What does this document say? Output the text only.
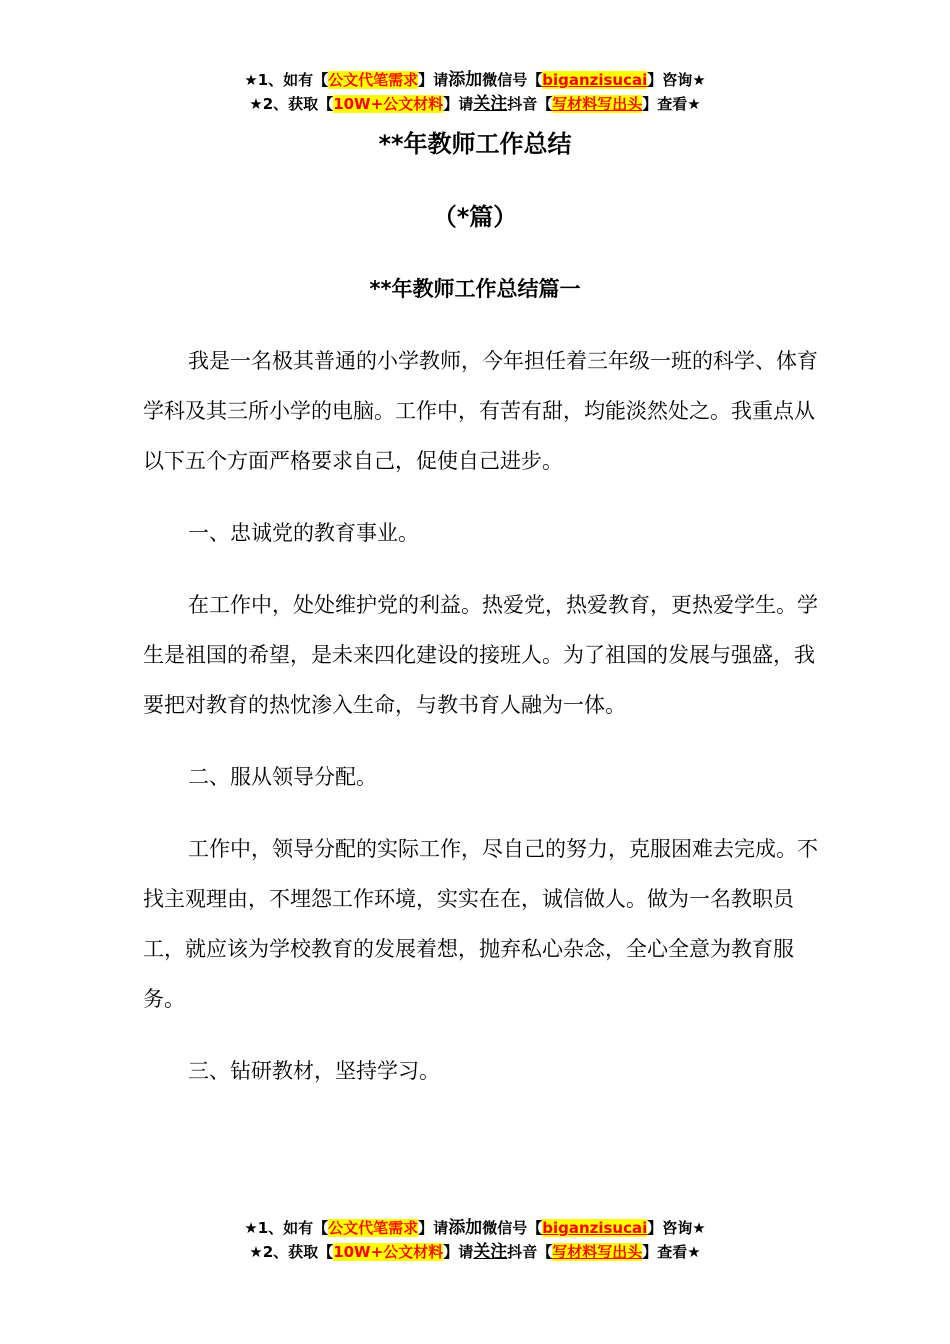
★1、如有【公文代笔需求】请添加微信号【biganzisucai】咨询★
★2、获取【10W+公文材料】请关注抖音【写材料写出头】查看★
**年教师工作总结
（*篇）
**年教师工作总结篇一

我是一名极其普通的小学教师，今年担任着三年级一班的科学、体育学科及其三所小学的电脑。工作中，有苦有甜，均能淡然处之。我重点从以下五个方面严格要求自己，促使自己进步。

一、忠诚党的教育事业。

在工作中，处处维护党的利益。热爱党，热爱教育，更热爱学生。学生是祖国的希望，是未来四化建设的接班人。为了祖国的发展与强盛，我要把对教育的热忱渗入生命，与教书育人融为一体。

二、服从领导分配。

工作中，领导分配的实际工作，尽自己的努力，克服困难去完成。不找主观理由，不埋怨工作环境，实实在在，诚信做人。做为一名教职员工，就应该为学校教育的发展着想，抛弃私心杂念，全心全意为教育服务。

三、钻研教材，坚持学习。

★1、如有【公文代笔需求】请添加微信号【biganzisucai】咨询★
★2、获取【10W+公文材料】请关注抖音【写材料写出头】查看★
